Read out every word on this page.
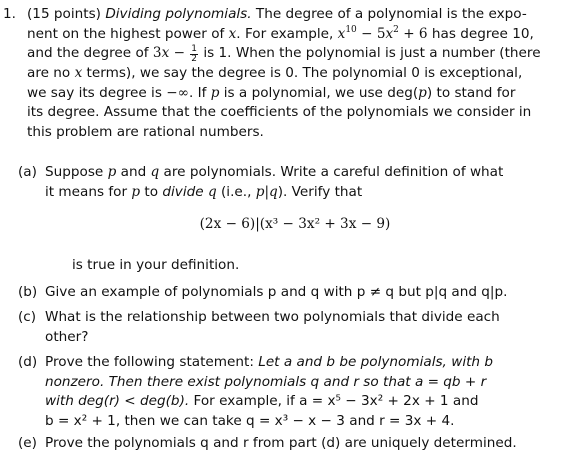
1. (15 points) Dividing polynomials. The degree of a polynomial is the expo-
nent on the highest power of x. For example, $x^{10} - 5x^2 + 6$ has degree 10,
and the degree of $3x - \frac{1}{2}$ is 1. When the polynomial is just a number (there
are no x terms), we say the degree is 0. The polynomial 0 is exceptional,
we say its degree is −∞. If p is a polynomial, we use deg(p) to stand for
its degree. Assume that the coefficients of the polynomials we consider in
this problem are rational numbers.
(a) Suppose p and q are polynomials. Write a careful definition of what
it means for p to divide q (i.e., p|q). Verify that
(2x − 6)|(x³ − 3x² + 3x − 9)
is true in your definition.
(b) Give an example of polynomials p and q with p ≠ q but p|q and q|p.
(c) What is the relationship between two polynomials that divide each
other?
(d) Prove the following statement: Let a and b be polynomials, with b
nonzero. Then there exist polynomials q and r so that a = qb + r
with deg(r) < deg(b). For example, if a = x⁵ − 3x² + 2x + 1 and
b = x² + 1, then we can take q = x³ − x − 3 and r = 3x + 4.
(e) Prove the polynomials q and r from part (d) are uniquely determined.
